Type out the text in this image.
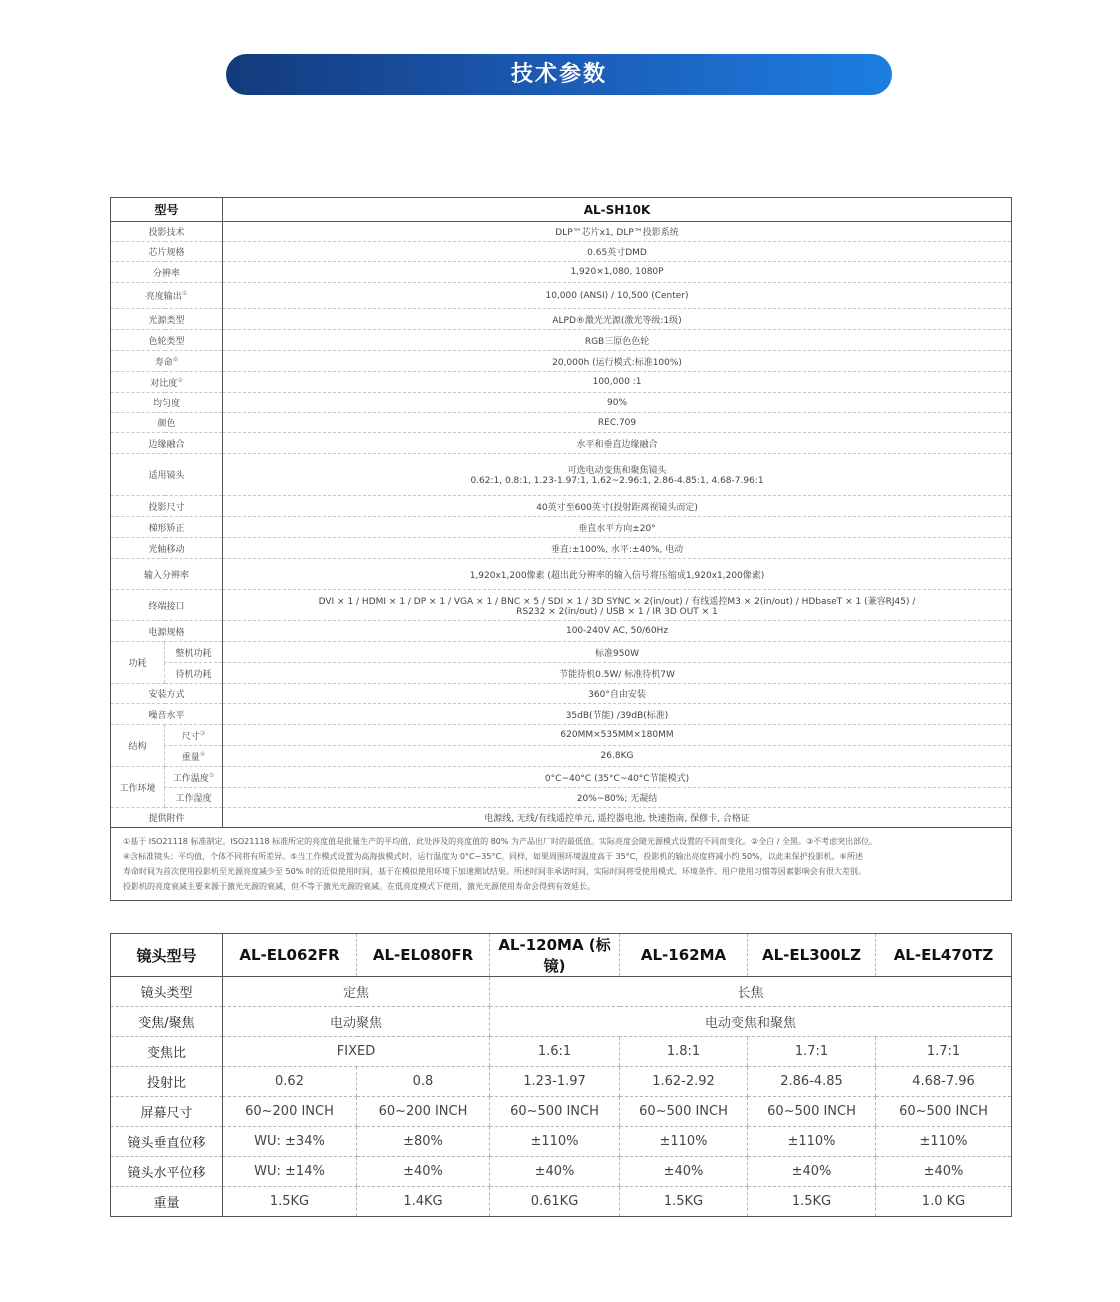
技术参数
型号		AL-SH10K
投影技术		DLP™芯片x1, DLP™投影系统
芯片规格		0.65英寸DMD
分辨率		1,920×1,080, 1080P
亮度输出①		10,000 (ANSI) / 10,500 (Center)
光源类型		ALPD®激光光源(激光等级:1级)
色轮类型		RGB三原色色轮
寿命⑥		20,000h (运行模式:标准100%)
对比度②		100,000 :1
均匀度		90%
颜色		REC.709
边缘融合		水平和垂直边缘融合
适用镜头		可选电动变焦和聚焦镜头
0.62:1, 0.8:1, 1.23-1.97:1, 1.62~2.96:1, 2.86-4.85:1, 4.68-7.96:1

投影尺寸		40英寸至600英寸(投射距离视镜头而定)
梯形矫正		垂直水平方向±20°
光轴移动		垂直:±100%, 水平:±40%, 电动
输入分辨率		1,920x1,200像素 (超出此分辨率的输入信号将压缩成1,920x1,200像素)
终端接口		DVI × 1 / HDMI × 1 / DP × 1 / VGA × 1 / BNC × 5 / SDI × 1 / 3D SYNC × 2(in/out) / 有线遥控M3 × 2(in/out) / HDbaseT × 1 (兼容RJ45) /
RS232 × 2(in/out) / USB × 1 / IR 3D OUT × 1

电源规格		100-240V AC, 50/60Hz
功耗	整机功耗	标准950W
	待机功耗	节能待机0.5W/ 标准待机7W
安装方式		360°自由安装
噪音水平		35dB(节能) /39dB(标准)
结构	尺寸③	620MM×535MM×180MM
	重量④	26.8KG
工作环境	工作温度⑤	0°C~40°C (35°C~40°C节能模式)
	工作湿度	20%~80%; 无凝结
提供附件		电源线, 无线/有线遥控单元, 遥控器电池, 快速指南, 保修卡, 合格证

①基于 ISO21118 标准制定。ISO21118 标准所定的亮度值是批量生产的平均值，此处涉及的亮度值的 80% 为产品出厂时的最低值。实际亮度会随光源模式设置的不同而变化。②全白 / 全黑。③不考虑突出部位。
④含标准镜头；平均值，个体不同将有所差异。⑤当工作模式设置为高海拔模式时，运行温度为 0°C~35°C。同样，如果周围环境温度高于 35°C，投影机的输出亮度将减小约 50%，以此来保护投影机。⑥所述
寿命时间为首次使用投影机至光源亮度减少至 50% 时的近似使用时间，基于在模拟使用环境下加速测试结果。所述时间非承诺时间，实际时间将受使用模式、环境条件、用户使用习惯等因素影响会有很大差别。
投影机的亮度衰减主要来源于激光光源的衰减，但不等于激光光源的衰减。在低亮度模式下使用，激光光源使用寿命会得到有效延长。		
镜头型号	AL-EL062FR	AL-EL080FR	AL-120MA (标镜)	AL-162MA	AL-EL300LZ	AL-EL470TZ
镜头类型	定焦		长焦			
变焦/聚焦	电动聚焦		电动变焦和聚焦			
变焦比	FIXED		1.6:1	1.8:1	1.7:1	1.7:1
投射比	0.62	0.8	1.23-1.97	1.62-2.92	2.86-4.85	4.68-7.96
屏幕尺寸	60~200 INCH	60~200 INCH	60~500 INCH	60~500 INCH	60~500 INCH	60~500 INCH
镜头垂直位移	WU: ±34%	±80%	±110%	±110%	±110%	±110%
镜头水平位移	WU: ±14%	±40%	±40%	±40%	±40%	±40%
重量	1.5KG	1.4KG	0.61KG	1.5KG	1.5KG	1.0 KG
